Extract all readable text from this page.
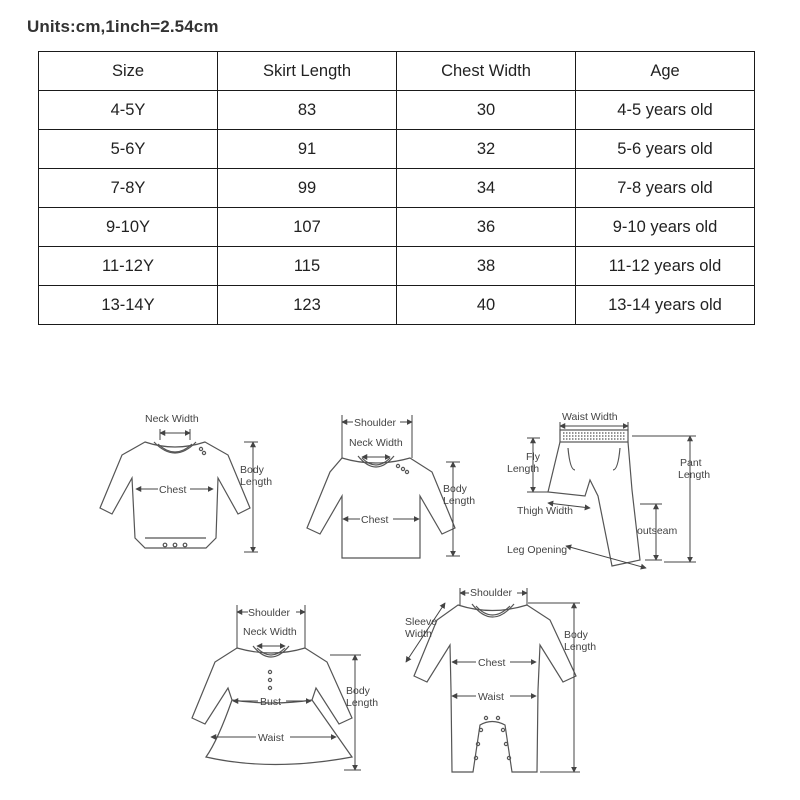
Units:cm,1inch=2.54cm
Size	Skirt Length	Chest Width	Age
4-5Y	83	30	4-5 years old
5-6Y	91	32	5-6 years old
7-8Y	99	34	7-8 years old
9-10Y	107	36	9-10 years old
11-12Y	115	38	11-12 years old
13-14Y	123	40	13-14 years old
Neck Width
Chest
Body
Length
Shoulder
Neck Width
Chest
Body
Length
Waist Width
Fly
Length
Thigh Width
Leg Opening
outseam
Pant
Length
Shoulder
Neck Width
Bust
Waist
Body
Length
Shoulder
Sleeve
Width
Chest
Waist
Body
Length
